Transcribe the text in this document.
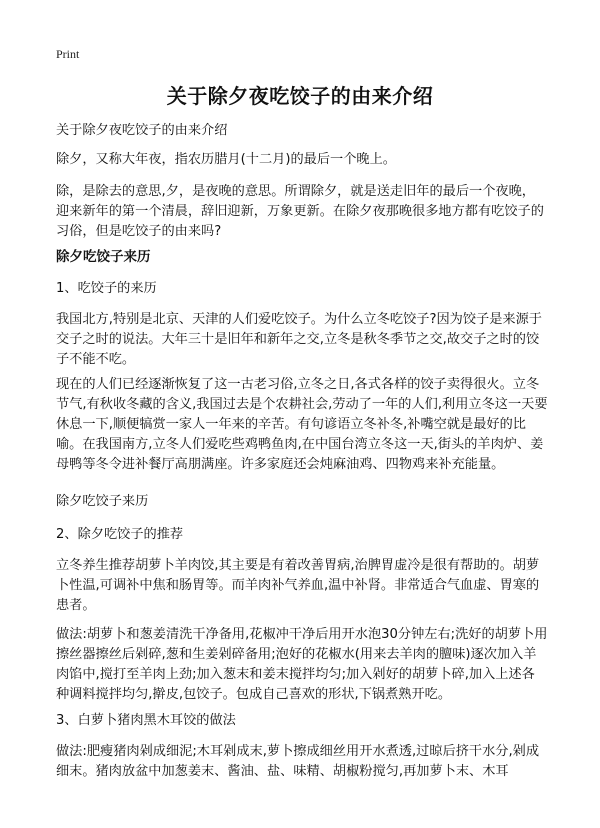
Print
关于除夕夜吃饺子的由来介绍

关于除夕夜吃饺子的由来介绍

除夕，又称大年夜，指农历腊月(十二月)的最后一个晚上。

除，是除去的意思,夕，是夜晚的意思。所谓除夕，就是送走旧年的最后一个夜晚，迎来新年的第一个清晨，辞旧迎新，万象更新。在除夕夜那晚很多地方都有吃饺子的习俗，但是吃饺子的由来吗?

除夕吃饺子来历

1、吃饺子的来历

我国北方,特别是北京、天津的人们爱吃饺子。为什么立冬吃饺子?因为饺子是来源于交子之时的说法。大年三十是旧年和新年之交,立冬是秋冬季节之交,故交子之时的饺子不能不吃。

现在的人们已经逐渐恢复了这一古老习俗,立冬之日,各式各样的饺子卖得很火。立冬节气,有秋收冬藏的含义,我国过去是个农耕社会,劳动了一年的人们,利用立冬这一天要休息一下,顺便犒赏一家人一年来的辛苦。有句谚语立冬补冬,补嘴空就是最好的比喻。在我国南方,立冬人们爱吃些鸡鸭鱼肉,在中国台湾立冬这一天,街头的羊肉炉、姜母鸭等冬令进补餐厅高朋满座。许多家庭还会炖麻油鸡、四物鸡来补充能量。

除夕吃饺子来历

2、除夕吃饺子的推荐

立冬养生推荐胡萝卜羊肉饺,其主要是有着改善胃病,治脾胃虚冷是很有帮助的。胡萝卜性温,可调补中焦和肠胃等。而羊肉补气养血,温中补肾。非常适合气血虚、胃寒的患者。

做法:胡萝卜和葱姜清洗干净备用,花椒冲干净后用开水泡30分钟左右;洗好的胡萝卜用擦丝器擦丝后剁碎,葱和生姜剁碎备用;泡好的花椒水(用来去羊肉的膻味)逐次加入羊肉馅中,搅打至羊肉上劲;加入葱末和姜末搅拌均匀;加入剁好的胡萝卜碎,加入上述各种调料搅拌均匀,擀皮,包饺子。包成自己喜欢的形状,下锅煮熟开吃。

3、白萝卜猪肉黑木耳饺的做法

做法:肥瘦猪肉剁成细泥;木耳剁成末,萝卜擦成细丝用开水煮透,过晾后挤干水分,剁成细末。猪肉放盆中加葱姜末、酱油、盐、味精、胡椒粉搅匀,再加萝卜末、木耳
